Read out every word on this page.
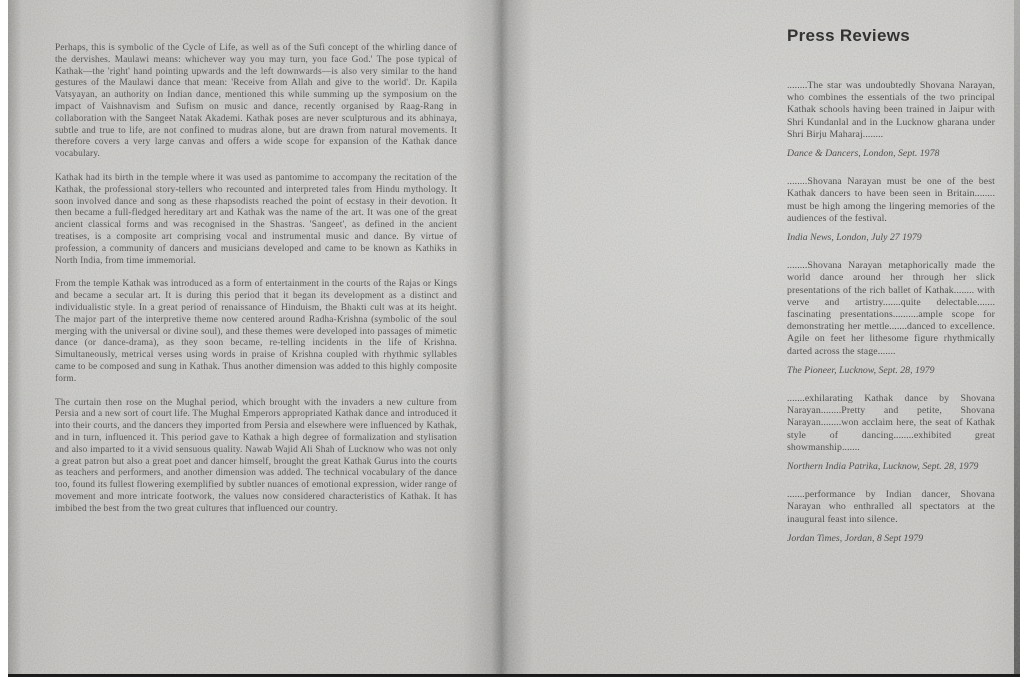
Perhaps, this is symbolic of the Cycle of Life, as well as of the Sufi concept of the whirling dance of the dervishes. Maulawi means: whichever way you may turn, you face God.' The pose typical of Kathak—the 'right' hand pointing upwards and the left downwards—is also very similar to the hand gestures of the Maulawi dance that mean: 'Receive from Allah and give to the world'. Dr. Kapila Vatsyayan, an authority on Indian dance, mentioned this while summing up the symposium on the impact of Vaishnavism and Sufism on music and dance, recently organised by Raag-Rang in collaboration with the Sangeet Natak Akademi. Kathak poses are never sculpturous and its abhinaya, subtle and true to life, are not confined to mudras alone, but are drawn from natural movements. It therefore covers a very large canvas and offers a wide scope for expansion of the Kathak dance vocabulary.

Kathak had its birth in the temple where it was used as pantomime to accompany the recitation of the Kathak, the professional story-tellers who recounted and interpreted tales from Hindu mythology. It soon involved dance and song as these rhapsodists reached the point of ecstasy in their devotion. It then became a full-fledged hereditary art and Kathak was the name of the art. It was one of the great ancient classical forms and was recognised in the Shastras. 'Sangeet', as defined in the ancient treatises, is a composite art comprising vocal and instrumental music and dance. By virtue of profession, a community of dancers and musicians developed and came to be known as Kathiks in North India, from time immemorial.

From the temple Kathak was introduced as a form of entertainment in the courts of the Rajas or Kings and became a secular art. It is during this period that it began its development as a distinct and individualistic style. In a great period of renaissance of Hinduism, the Bhakti cult was at its height. The major part of the interpretive theme now centered around Radha-Krishna (symbolic of the soul merging with the universal or divine soul), and these themes were developed into passages of mimetic dance (or dance-drama), as they soon became, re-telling incidents in the life of Krishna. Simultaneously, metrical verses using words in praise of Krishna coupled with rhythmic syllables came to be composed and sung in Kathak. Thus another dimension was added to this highly composite form.

The curtain then rose on the Mughal period, which brought with the invaders a new culture from Persia and a new sort of court life. The Mughal Emperors appropriated Kathak dance and introduced it into their courts, and the dancers they imported from Persia and elsewhere were influenced by Kathak, and in turn, influenced it. This period gave to Kathak a high degree of formalization and stylisation and also imparted to it a vivid sensuous quality. Nawab Wajid Ali Shah of Lucknow who was not only a great patron but also a great poet and dancer himself, brought the great Kathak Gurus into the courts as teachers and performers, and another dimension was added. The technical vocabulary of the dance too, found its fullest flowering exemplified by subtler nuances of emotional expression, wider range of movement and more intricate footwork, the values now considered characteristics of Kathak. It has imbibed the best from the two great cultures that influenced our country.

Press Reviews

........The star was undoubtedly Shovana Narayan, who combines the essentials of the two principal Kathak schools having been trained in Jaipur with Shri Kundanlal and in the Lucknow gharana under Shri Birju Maharaj........

Dance & Dancers, London, Sept. 1978

........Shovana Narayan must be one of the best Kathak dancers to have been seen in Britain........ must be high among the lingering memories of the audiences of the festival.

India News, London, July 27 1979

........Shovana Narayan metaphorically made the world dance around her through her slick presentations of the rich ballet of Kathak........ with verve and artistry.......quite delectable....... fascinating presentations..........ample scope for demonstrating her mettle.......danced to excellence. Agile on feet her lithesome figure rhythmically darted across the stage.......

The Pioneer, Lucknow, Sept. 28, 1979

.......exhilarating Kathak dance by Shovana Narayan........Pretty and petite, Shovana Narayan........won acclaim here, the seat of Kathak style of dancing........exhibited great showmanship.......

Northern India Patrika, Lucknow, Sept. 28, 1979

.......performance by Indian dancer, Shovana Narayan who enthralled all spectators at the inaugural feast into silence.

Jordan Times, Jordan, 8 Sept 1979
